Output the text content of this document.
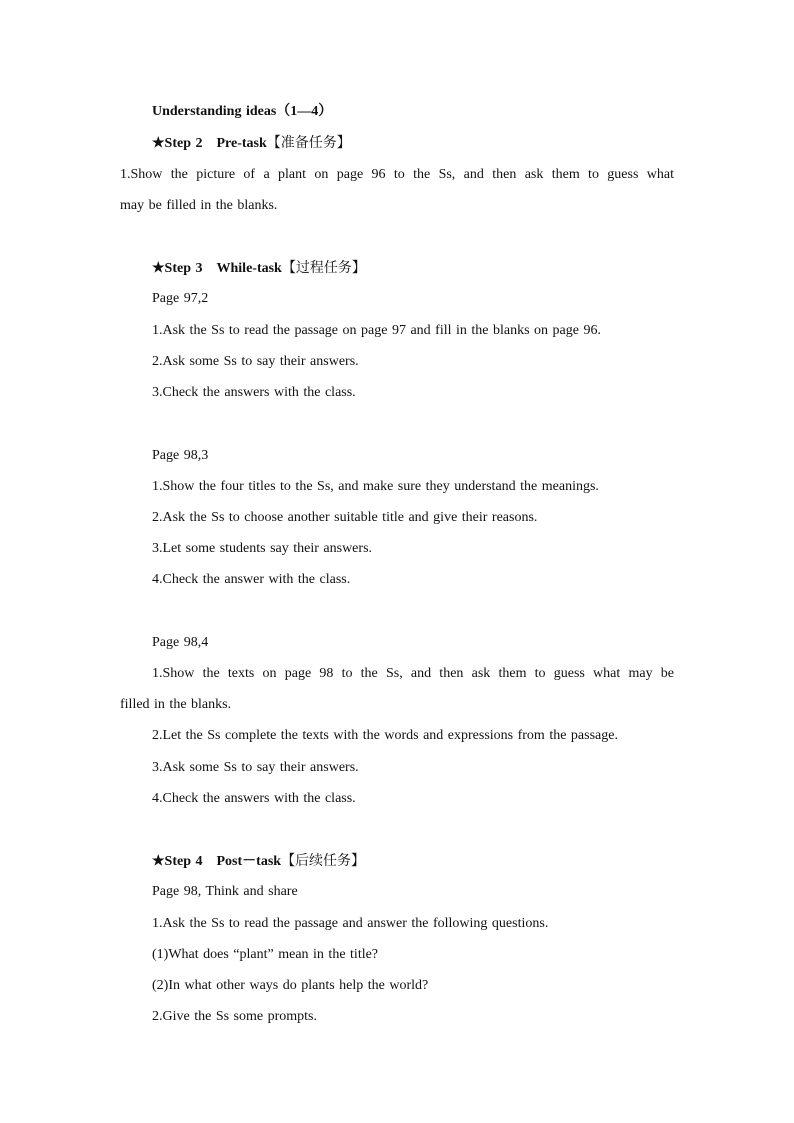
Understanding ideas（1—4）
★Step 2 Pre-task【准备任务】
1.Show the picture of a plant on page 96 to the Ss, and then ask them to guess what
may be filled in the blanks.
★Step 3 While-task【过程任务】
Page 97,2
1.Ask the Ss to read the passage on page 97 and fill in the blanks on page 96.
2.Ask some Ss to say their answers.
3.Check the answers with the class.
Page 98,3
1.Show the four titles to the Ss, and make sure they understand the meanings.
2.Ask the Ss to choose another suitable title and give their reasons.
3.Let some students say their answers.
4.Check the answer with the class.
Page 98,4
1.Show the texts on page 98 to the Ss, and then ask them to guess what may be
filled in the blanks.
2.Let the Ss complete the texts with the words and expressions from the passage.
3.Ask some Ss to say their answers.
4.Check the answers with the class.
★Step 4 Post－task【后续任务】
Page 98, Think and share
1.Ask the Ss to read the passage and answer the following questions.
(1)What does “plant” mean in the title?
(2)In what other ways do plants help the world?
2.Give the Ss some prompts.
